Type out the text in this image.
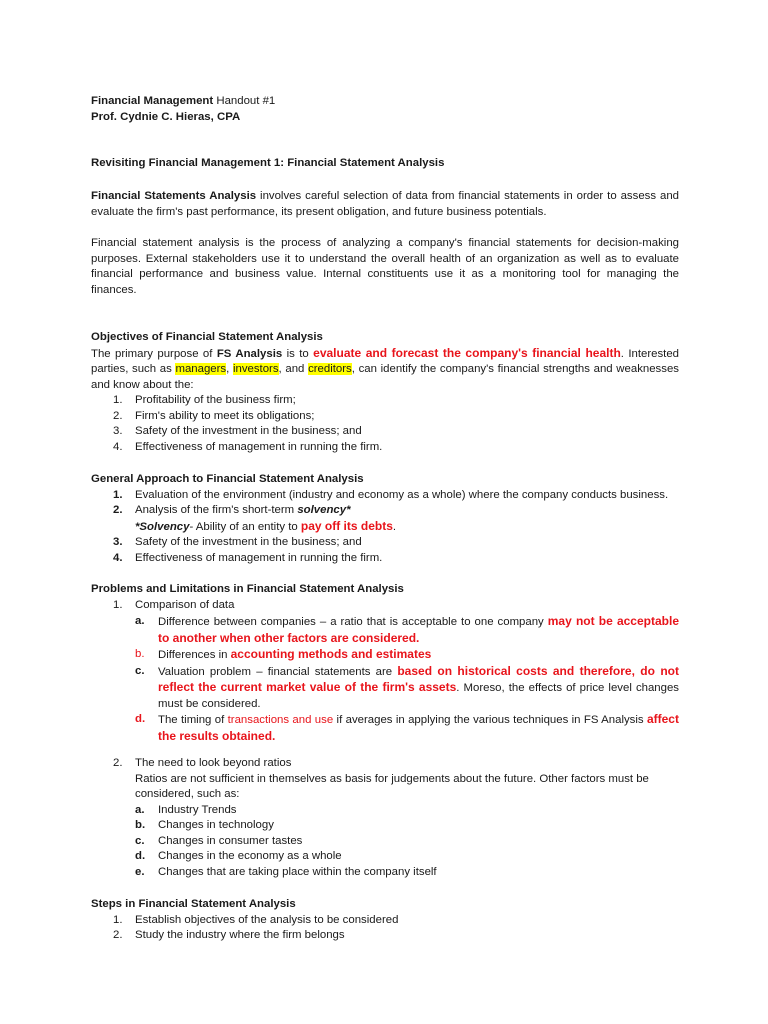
Financial Management Handout #1

Prof. Cydnie C. Hieras, CPA

Revisiting Financial Management 1: Financial Statement Analysis

Financial Statements Analysis involves careful selection of data from financial statements in order to assess and evaluate the firm's past performance, its present obligation, and future business potentials.

Financial statement analysis is the process of analyzing a company's financial statements for decision-making purposes. External stakeholders use it to understand the overall health of an organization as well as to evaluate financial performance and business value. Internal constituents use it as a monitoring tool for managing the finances.

Objectives of Financial Statement Analysis

The primary purpose of FS Analysis is to evaluate and forecast the company's financial health. Interested parties, such as managers, investors, and creditors, can identify the company's financial strengths and weaknesses and know about the:

1. Profitability of the business firm;
2. Firm's ability to meet its obligations;
3. Safety of the investment in the business; and
4. Effectiveness of management in running the firm.

General Approach to Financial Statement Analysis

1. Evaluation of the environment (industry and economy as a whole) where the company conducts business.
2. Analysis of the firm's short-term solvency*
*Solvency- Ability of an entity to pay off its debts.
3. Safety of the investment in the business; and
4. Effectiveness of management in running the firm.

Problems and Limitations in Financial Statement Analysis

1. Comparison of data
a. Difference between companies – a ratio that is acceptable to one company may not be acceptable to another when other factors are considered.
b. Differences in accounting methods and estimates
c. Valuation problem – financial statements are based on historical costs and therefore, do not reflect the current market value of the firm's assets. Moreso, the effects of price level changes must be considered.
d. The timing of transactions and use if averages in applying the various techniques in FS Analysis affect the results obtained.
2. The need to look beyond ratios
Ratios are not sufficient in themselves as basis for judgements about the future. Other factors must be considered, such as:
a. Industry Trends
b. Changes in technology
c. Changes in consumer tastes
d. Changes in the economy as a whole
e. Changes that are taking place within the company itself

Steps in Financial Statement Analysis

1. Establish objectives of the analysis to be considered
2. Study the industry where the firm belongs
